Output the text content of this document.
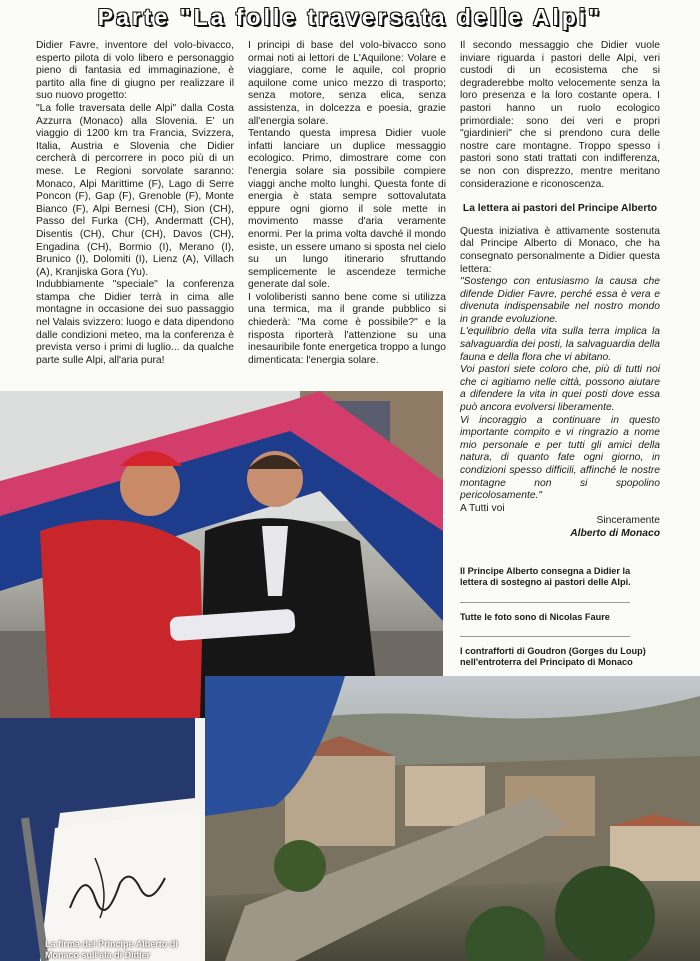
Parte "La folle traversata delle Alpi"

Didier Favre, inventore del volo-bivacco, esperto pilota di volo libero e personaggio pieno di fantasia ed immaginazione, è partito alla fine di giugno per realizzare il suo nuovo progetto:

"La folle traversata delle Alpi" dalla Costa Azzurra (Monaco) alla Slovenia. E' un viaggio di 1200 km tra Francia, Svizzera, Italia, Austria e Slovenia che Didier cercherà di percorrere in poco più di un mese. Le Regioni sorvolate saranno: Monaco, Alpi Marittime (F), Lago di Serre Poncon (F), Gap (F), Grenoble (F), Monte Bianco (F), Alpi Bernesi (CH), Sion (CH), Passo del Furka (CH), Andermatt (CH), Disentis (CH), Chur (CH), Davos (CH), Engadina (CH), Bormio (I), Merano (I), Brunico (I), Dolomiti (I), Lienz (A), Villach (A), Kranjiska Gora (Yu).

Indubbiamente "speciale" la conferenza stampa che Didier terrà in cima alle montagne in occasione dei suo passaggio nel Valais svizzero: luogo e data dipendono dalle condizioni meteo, ma la conferenza è prevista verso i primi di luglio... da qualche parte sulle Alpi, all'aria pura!

I principi di base del volo-bivacco sono ormai noti ai lettori de L'Aquilone: Volare e viaggiare, come le aquile, col proprio aquilone come unico mezzo di trasporto; senza motore, senza elica, senza assistenza, in dolcezza e poesia, grazie all'energia solare.

Tentando questa impresa Didier vuole infatti lanciare un duplice messaggio ecologico. Primo, dimostrare come con l'energia solare sia possibile compiere viaggi anche molto lunghi. Questa fonte di energia è stata sempre sottovalutata eppure ogni giorno il sole mette in movimento masse d'aria veramente enormi. Per la prima volta davché il mondo esiste, un essere umano si sposta nel cielo su un lungo itinerario sfruttando semplicemente le ascendeze termiche generate dal sole.

I vololiberisti sanno bene come si utilizza una termica, ma il grande pubblico si chiederà: "Ma come è possibile?" e la risposta riporterà l'attenzione su una inesauribile fonte energetica troppo a lungo dimenticata: l'energia solare.

Il secondo messaggio che Didier vuole inviare riguarda i pastori delle Alpi, veri custodi di un ecosistema che si degraderebbe molto velocemente senza la loro presenza e la loro costante opera. I pastori hanno un ruolo ecologico primordiale: sono dei veri e propri "giardinieri" che si prendono cura delle nostre care montagne. Troppo spesso i pastori sono stati trattati con indifferenza, se non con disprezzo, mentre meritano considerazione e riconoscenza.

La lettera ai pastori del Principe Alberto

Questa iniziativa è attivamente sostenuta dal Principe Alberto di Monaco, che ha consegnato personalmente a Didier questa lettera:

"Sostengo con entusiasmo la causa che difende Didier Favre, perché essa è vera e divenuta indispensabile nel nostro mondo in grande evoluzione.

L'equilibrio della vita sulla terra implica la salvaguardia dei posti, la salvaguardia della fauna e della flora che vi abitano.

Voi pastori siete coloro che, più di tutti noi che ci agitiamo nelle città, possono aiutare a difendere la vita in quei posti dove essa può ancora evolversi liberamente.

Vi incoraggio a continuare in questo importante compito e vi ringrazio a nome mio personale e per tutti gli amici della natura, di quanto fate ogni giorno, in condizioni spesso difficili, affinché le nostre montagne non si spopolino pericolosamente."

A Tutti voi

Sinceramente

Alberto di Monaco

Il Principe Alberto consegna a Didier la lettera di sostegno ai pastori delle Alpi.
Tutte le foto sono di Nicolas Faure
I contrafforti di Goudron (Gorges du Loup) nell'entroterra del Principato di Monaco
La firma del Principe Alberto di Monaco sull'ala di Didier
